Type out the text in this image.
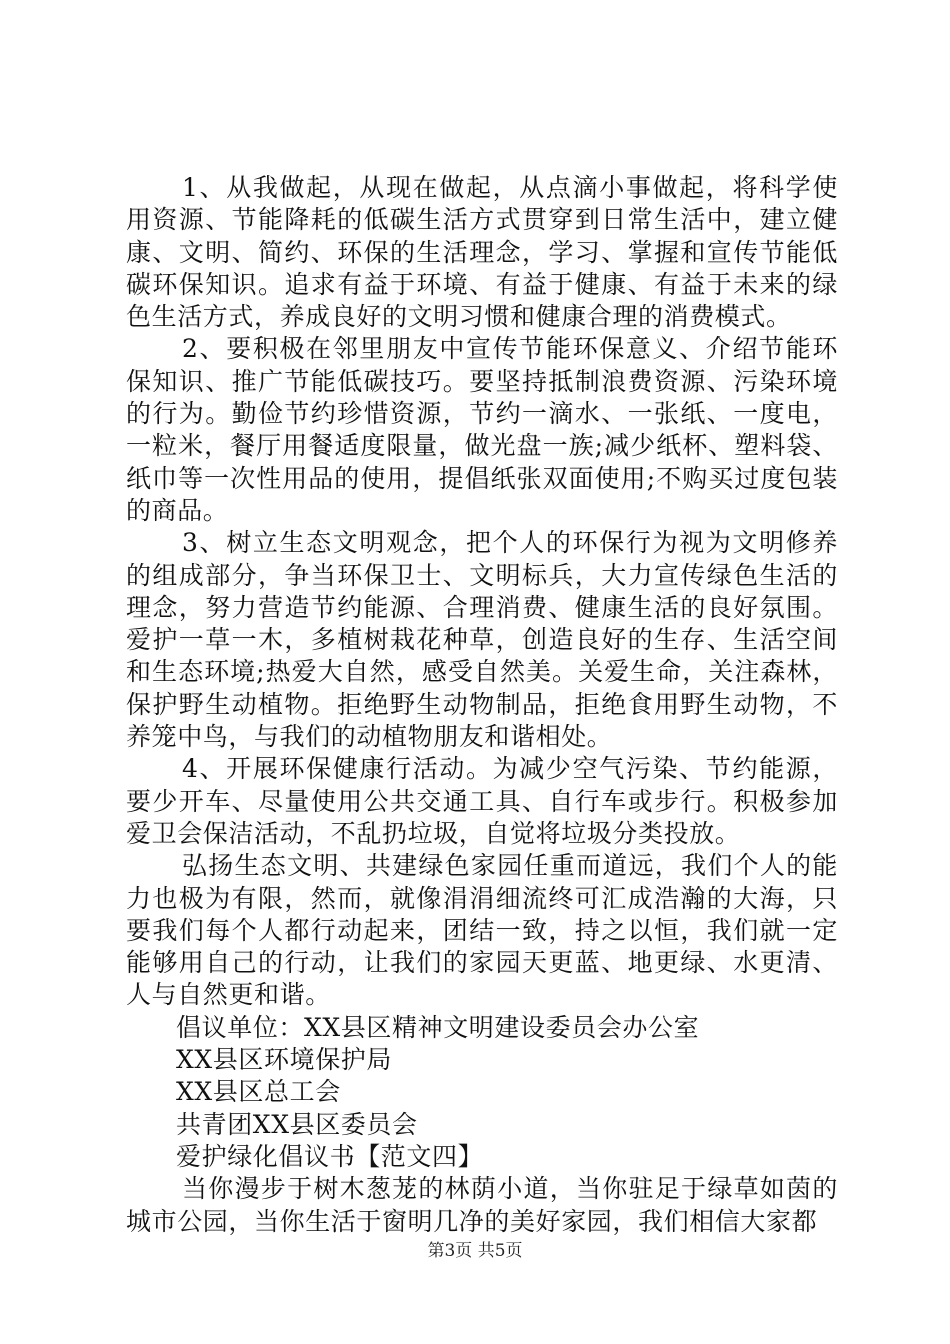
1、从我做起，从现在做起，从点滴小事做起，将科学使用资源、节能降耗的低碳生活方式贯穿到日常生活中，建立健康、文明、简约、环保的生活理念，学习、掌握和宣传节能低碳环保知识。追求有益于环境、有益于健康、有益于未来的绿色生活方式，养成良好的文明习惯和健康合理的消费模式。

2、要积极在邻里朋友中宣传节能环保意义、介绍节能环保知识、推广节能低碳技巧。要坚持抵制浪费资源、污染环境的行为。勤俭节约珍惜资源，节约一滴水、一张纸、一度电，一粒米，餐厅用餐适度限量，做光盘一族;减少纸杯、塑料袋、纸巾等一次性用品的使用，提倡纸张双面使用;不购买过度包装的商品。

3、树立生态文明观念，把个人的环保行为视为文明修养的组成部分，争当环保卫士、文明标兵，大力宣传绿色生活的理念，努力营造节约能源、合理消费、健康生活的良好氛围。爱护一草一木，多植树栽花种草，创造良好的生存、生活空间和生态环境;热爱大自然，感受自然美。关爱生命，关注森林，保护野生动植物。拒绝野生动物制品，拒绝食用野生动物，不养笼中鸟，与我们的动植物朋友和谐相处。

4、开展环保健康行活动。为减少空气污染、节约能源，要少开车、尽量使用公共交通工具、自行车或步行。积极参加爱卫会保洁活动，不乱扔垃圾，自觉将垃圾分类投放。

弘扬生态文明、共建绿色家园任重而道远，我们个人的能力也极为有限，然而，就像涓涓细流终可汇成浩瀚的大海，只要我们每个人都行动起来，团结一致，持之以恒，我们就一定能够用自己的行动，让我们的家园天更蓝、地更绿、水更清、人与自然更和谐。

倡议单位：XX县区精神文明建设委员会办公室

XX县区环境保护局

XX县区总工会

共青团XX县区委员会

爱护绿化倡议书【范文四】

当你漫步于树木葱茏的林荫小道，当你驻足于绿草如茵的城市公园，当你生活于窗明几净的美好家园，我们相信大家都

第3页 共5页
